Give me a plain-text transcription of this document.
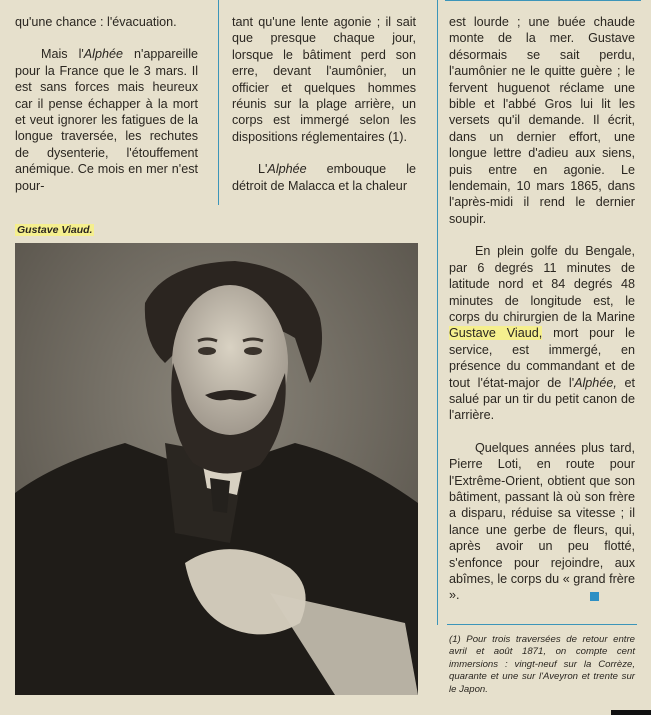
qu'une chance : l'évacuation.

Mais l'Alphée n'appareille pour la France que le 3 mars. Il est sans forces mais heureux car il pense échapper à la mort et veut ignorer les fatigues de la longue traversée, les rechutes de dysenterie, l'étouffement anémique. Ce mois en mer n'est pour-

tant qu'une lente agonie ; il sait que presque chaque jour, lorsque le bâtiment perd son erre, devant l'aumônier, un officier et quelques hommes réunis sur la plage arrière, un corps est immergé selon les dispositions réglementaires (1).

L'Alphée embouque le détroit de Malacca et la chaleur

est lourde ; une buée chaude monte de la mer. Gustave désormais se sait perdu, l'aumônier ne le quitte guère ; le fervent huguenot réclame une bible et l'abbé Gros lui lit les versets qu'il demande. Il écrit, dans un dernier effort, une longue lettre d'adieu aux siens, puis entre en agonie. Le lendemain, 10 mars 1865, dans l'après-midi il rend le dernier soupir.

En plein golfe du Bengale, par 6 degrés 11 minutes de latitude nord et 84 degrés 48 minutes de longitude est, le corps du chirurgien de la Marine Gustave Viaud, mort pour le service, est immergé, en présence du commandant et de tout l'état-major de l'Alphée, et salué par un tir du petit canon de l'arrière.

Quelques années plus tard, Pierre Loti, en route pour l'Extrême-Orient, obtient que son bâtiment, passant là où son frère a disparu, réduise sa vitesse ; il lance une gerbe de fleurs, qui, après avoir un peu flotté, s'enfonce pour rejoindre, aux abîmes, le corps du « grand frère ».

Gustave Viaud.
(1) Pour trois traversées de retour entre avril et août 1871, on compte cent immersions : vingt-neuf sur la Corrèze, quarante et une sur l'Aveyron et trente sur le Japon.
